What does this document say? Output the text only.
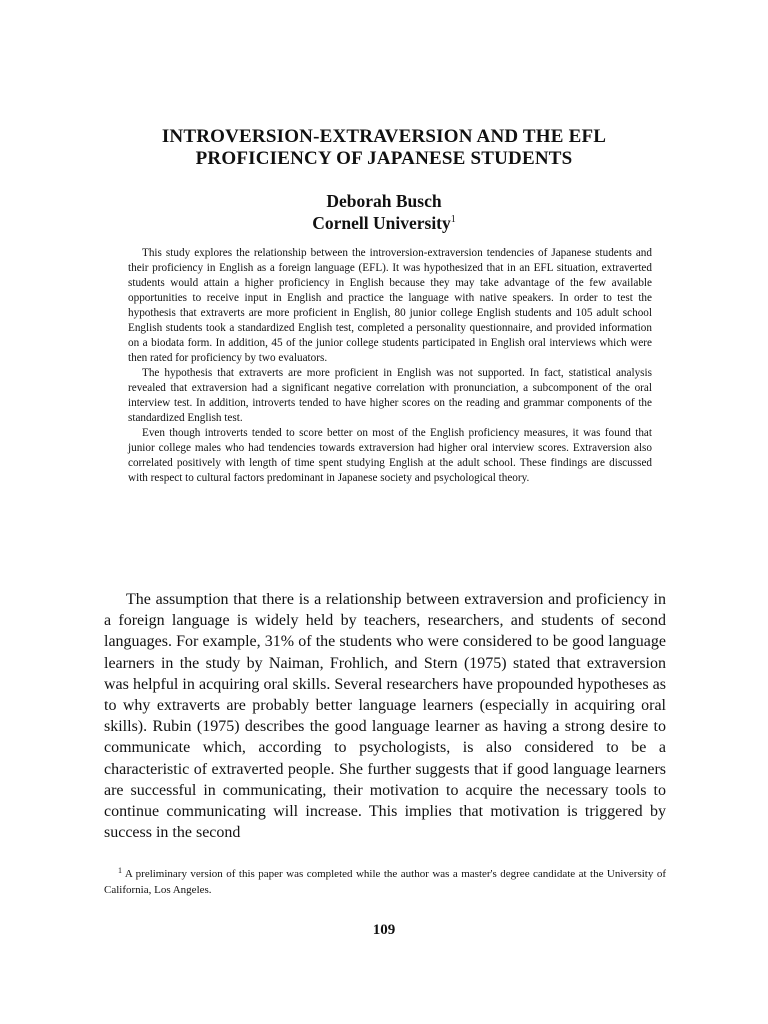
INTROVERSION-EXTRAVERSION AND THE EFL
PROFICIENCY OF JAPANESE STUDENTS
Deborah Busch
Cornell University$^1$

This study explores the relationship between the introversion-extraversion tendencies of Japanese students and their proficiency in English as a foreign language (EFL). It was hypothesized that in an EFL situation, extraverted students would attain a higher proficiency in English because they may take advantage of the few available opportunities to receive input in English and practice the language with native speakers. In order to test the hypothesis that extraverts are more proficient in English, 80 junior college English students and 105 adult school English students took a standardized English test, completed a personality questionnaire, and provided information on a biodata form. In addition, 45 of the junior college students participated in English oral interviews which were then rated for proficiency by two evaluators.

The hypothesis that extraverts are more proficient in English was not supported. In fact, statistical analysis revealed that extraversion had a significant negative correlation with pronunciation, a subcomponent of the oral interview test. In addition, introverts tended to have higher scores on the reading and grammar components of the standardized English test.

Even though introverts tended to score better on most of the English proficiency measures, it was found that junior college males who had tendencies towards extraversion had higher oral interview scores. Extraversion also correlated positively with length of time spent studying English at the adult school. These findings are discussed with respect to cultural factors predominant in Japanese society and psychological theory.

The assumption that there is a relationship between extraversion and proficiency in a foreign language is widely held by teachers, researchers, and students of second languages. For example, 31% of the students who were considered to be good language learners in the study by Naiman, Frohlich, and Stern (1975) stated that extraversion was helpful in acquiring oral skills. Several researchers have propounded hypotheses as to why extraverts are probably better language learners (especially in acquiring oral skills). Rubin (1975) describes the good language learner as having a strong desire to communicate which, according to psychologists, is also considered to be a characteristic of extraverted people. She further suggests that if good language learners are successful in communicating, their motivation to acquire the necessary tools to continue communicating will increase. This implies that motivation is triggered by success in the second

$^1$ A preliminary version of this paper was completed while the author was a master's degree candidate at the University of California, Los Angeles.

109
